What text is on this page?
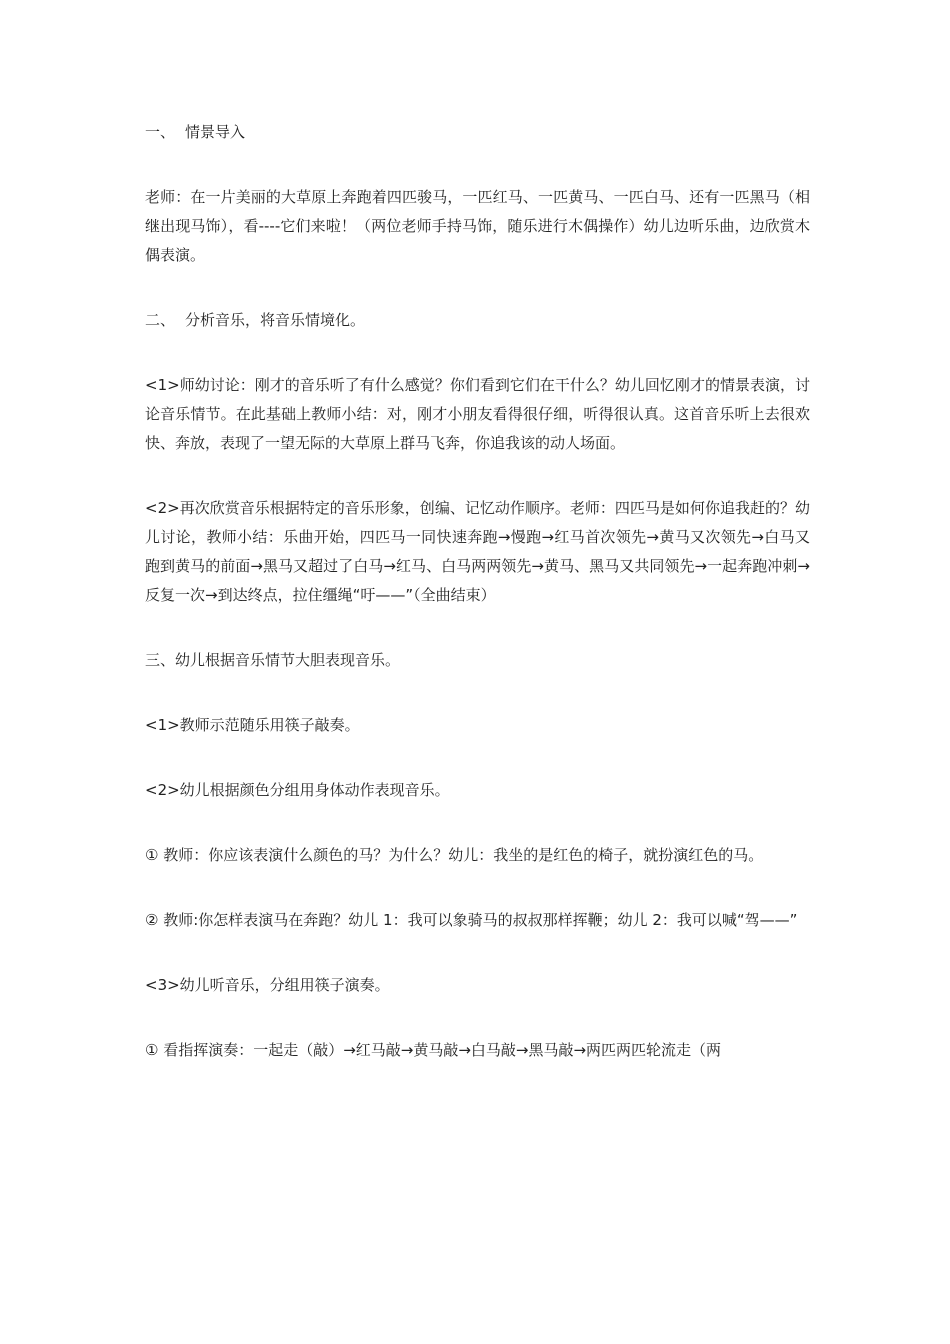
一、 情景导入

老师：在一片美丽的大草原上奔跑着四匹骏马，一匹红马、一匹黄马、一匹白马、还有一匹黑马（相继出现马饰），看----它们来啦！（两位老师手持马饰，随乐进行木偶操作）幼儿边听乐曲，边欣赏木偶表演。

二、 分析音乐，将音乐情境化。

<1>师幼讨论：刚才的音乐听了有什么感觉？你们看到它们在干什么？幼儿回忆刚才的情景表演，讨论音乐情节。在此基础上教师小结：对，刚才小朋友看得很仔细，听得很认真。这首音乐听上去很欢快、奔放，表现了一望无际的大草原上群马飞奔，你追我该的动人场面。

<2>再次欣赏音乐根据特定的音乐形象，创编、记忆动作顺序。老师：四匹马是如何你追我赶的？幼儿讨论，教师小结：乐曲开始，四匹马一同快速奔跑→慢跑→红马首次领先→黄马又次领先→白马又跑到黄马的前面→黑马又超过了白马→红马、白马两两领先→黄马、黑马又共同领先→一起奔跑冲刺→反复一次→到达终点，拉住缰绳“吁——”（全曲结束）

三、幼儿根据音乐情节大胆表现音乐。

<1>教师示范随乐用筷子敲奏。

<2>幼儿根据颜色分组用身体动作表现音乐。

① 教师：你应该表演什么颜色的马？为什么？幼儿：我坐的是红色的椅子，就扮演红色的马。

② 教师:你怎样表演马在奔跑？幼儿 1：我可以象骑马的叔叔那样挥鞭；幼儿 2：我可以喊“驾——”

<3>幼儿听音乐，分组用筷子演奏。

① 看指挥演奏：一起走（敲）→红马敲→黄马敲→白马敲→黑马敲→两匹两匹轮流走（两
